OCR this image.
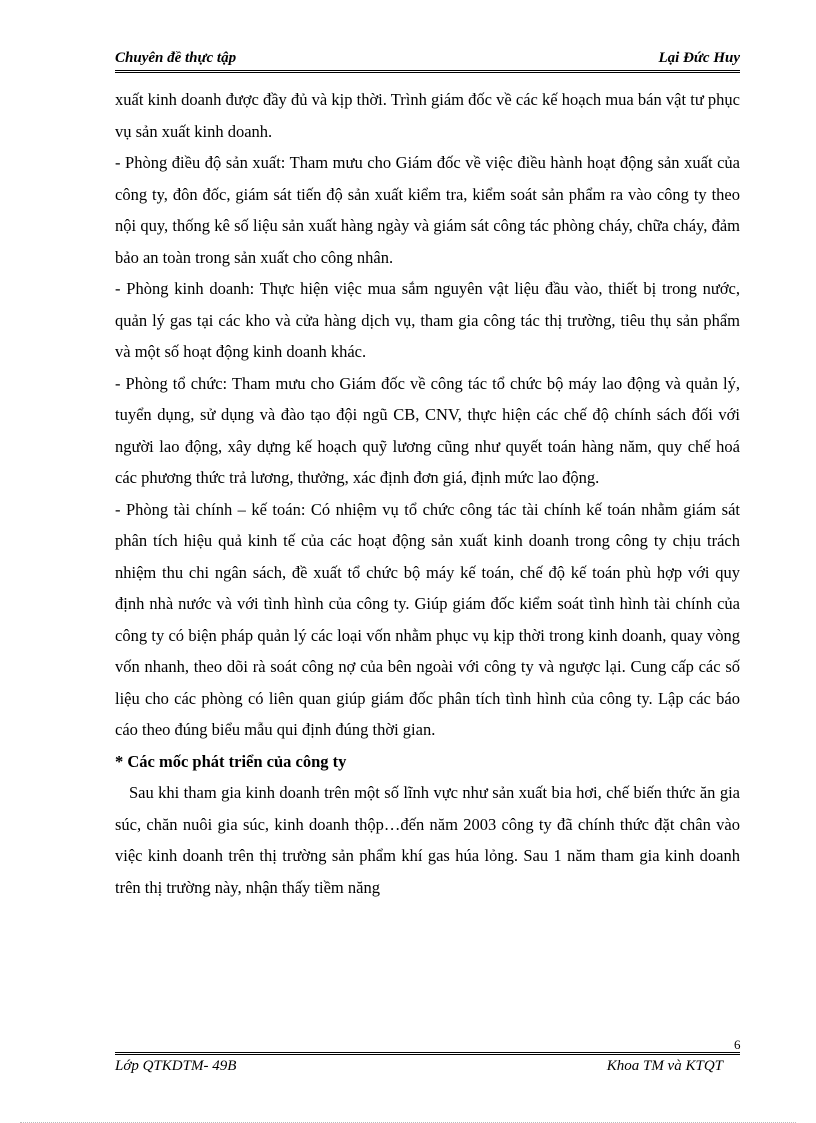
Chuyên đề thực tập	Lại Đức Huy

xuất kinh doanh được đầy đủ và kịp thời. Trình giám đốc về các kế hoạch mua bán vật tư phục vụ sản xuất kinh doanh.

- Phòng điều độ sản xuất: Tham mưu cho Giám đốc về việc điều hành hoạt động sản xuất của công ty, đôn đốc, giám sát tiến độ sản xuất kiểm tra, kiểm soát sản phẩm ra vào công ty theo nội quy, thống kê số liệu sản xuất hàng ngày và giám sát công tác phòng cháy, chữa cháy, đảm bảo an toàn trong sản xuất cho công nhân.

- Phòng kinh doanh: Thực hiện việc mua sắm nguyên vật liệu đầu vào, thiết bị trong nước, quản lý gas tại các kho và cửa hàng dịch vụ, tham gia công tác thị trường, tiêu thụ sản phẩm và một số hoạt động kinh doanh khác.

- Phòng tổ chức: Tham mưu cho Giám đốc về công tác tổ chức bộ máy lao động và quản lý, tuyển dụng, sử dụng và đào tạo đội ngũ CB, CNV, thực hiện các chế độ chính sách đối với người lao động, xây dựng kế hoạch quỹ lương cũng như quyết toán hàng năm, quy chế hoá các phương thức trả lương, thưởng, xác định đơn giá, định mức lao động.

- Phòng tài chính – kế toán: Có nhiệm vụ tổ chức công tác tài chính kế toán nhằm giám sát phân tích hiệu quả kinh tế của các hoạt động sản xuất kinh doanh trong công ty chịu trách nhiệm thu chi ngân sách, đề xuất tổ chức bộ máy kế toán, chế độ kế toán phù hợp với quy định nhà nước và với tình hình của công ty. Giúp giám đốc kiểm soát tình hình tài chính của công ty có biện pháp quản lý các loại vốn nhằm phục vụ kịp thời trong kinh doanh, quay vòng vốn nhanh, theo dõi rà soát công nợ của bên ngoài với công ty và ngược lại. Cung cấp các số liệu cho các phòng có liên quan giúp giám đốc phân tích tình hình của công ty. Lập các báo cáo theo đúng biểu mẫu qui định đúng thời gian.

* Các mốc phát triển của công ty

Sau khi tham gia kinh doanh trên một số lĩnh vực như sản xuất bia hơi, chế biến thức ăn gia súc, chăn nuôi gia súc, kinh doanh thộp…đến năm 2003 công ty đã chính thức đặt chân vào việc kinh doanh trên thị trường sản phẩm khí gas húa lỏng. Sau 1 năm tham gia kinh doanh trên thị trường này, nhận thấy tiềm năng

6
Lớp QTKDTM- 49B	Khoa TM và KTQT
